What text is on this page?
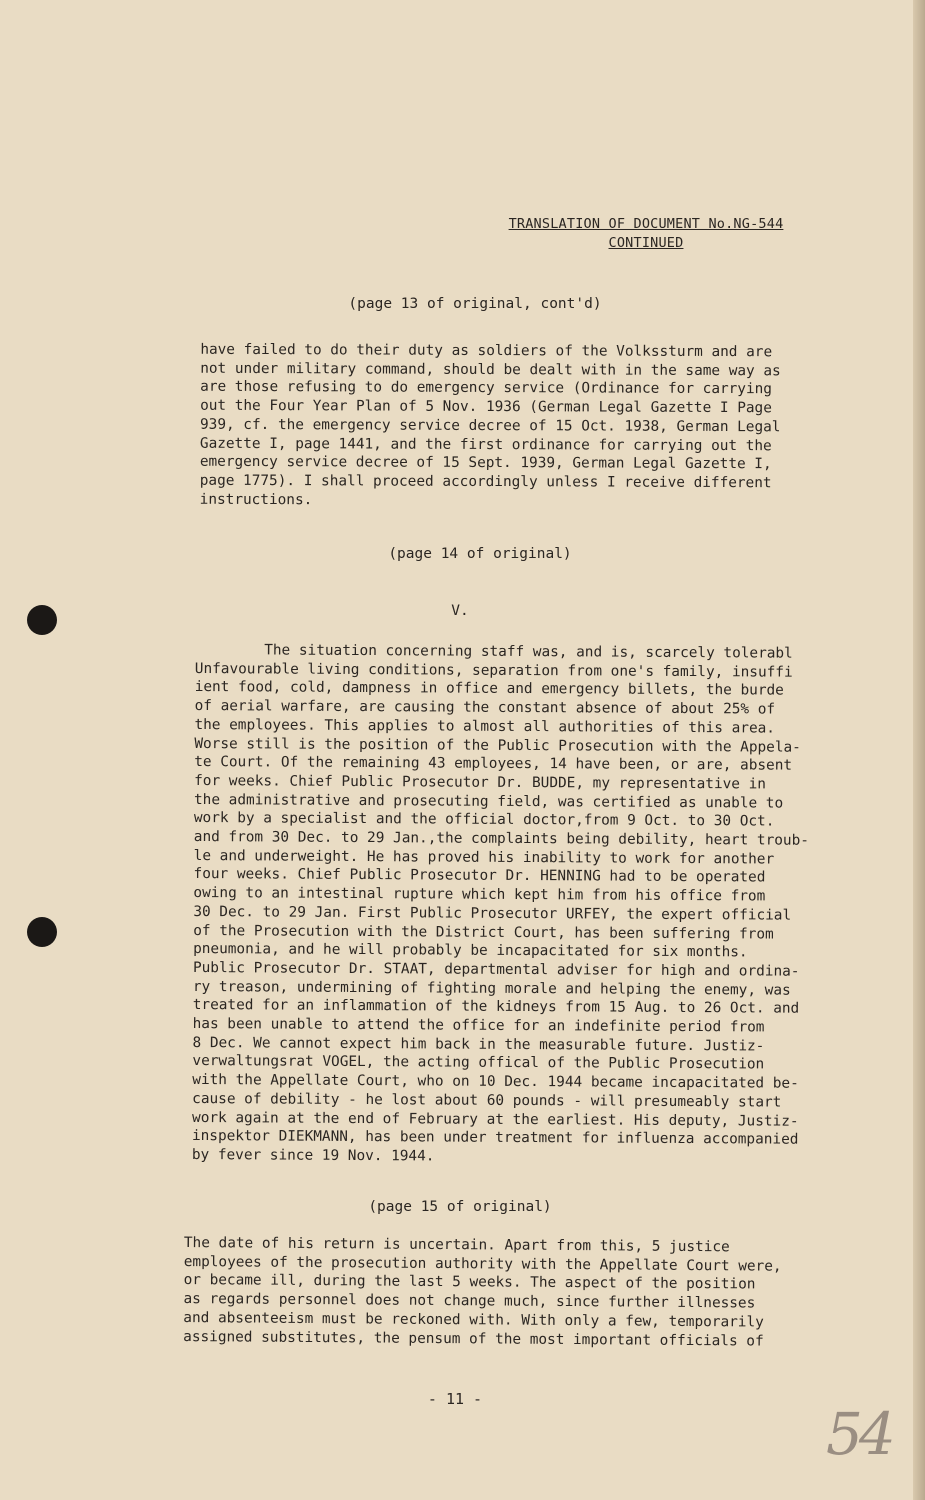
TRANSLATION OF DOCUMENT No.NG-544
CONTINUED
(page 13 of original, cont'd)
have failed to do their duty as soldiers of the Volkssturm and are
not under military command, should be dealt with in the same way as
are those refusing to do emergency service (Ordinance for carrying
out the Four Year Plan of 5 Nov. 1936 (German Legal Gazette I Page
939, cf. the emergency service decree of 15 Oct. 1938, German Legal
Gazette I, page 1441, and the first ordinance for carrying out the
emergency service decree of 15 Sept. 1939, German Legal Gazette I,
page 1775). I shall proceed accordingly unless I receive different
instructions.
(page 14 of original)
V.
The situation concerning staff was, and is, scarcely tolerabl
Unfavourable living conditions, separation from one's family, insuffi
ient food, cold, dampness in office and emergency billets, the burde
of aerial warfare, are causing the constant absence of about 25% of
the employees. This applies to almost all authorities of this area.
Worse still is the position of the Public Prosecution with the Appela-
te Court. Of the remaining 43 employees, 14 have been, or are, absent
for weeks. Chief Public Prosecutor Dr. BUDDE, my representative in
the administrative and prosecuting field, was certified as unable to
work by a specialist and the official doctor,from 9 Oct. to 30 Oct.
and from 30 Dec. to 29 Jan.,the complaints being debility, heart troub-
le and underweight. He has proved his inability to work for another
four weeks. Chief Public Prosecutor Dr. HENNING had to be operated
owing to an intestinal rupture which kept him from his office from
30 Dec. to 29 Jan. First Public Prosecutor URFEY, the expert official
of the Prosecution with the District Court, has been suffering from
pneumonia, and he will probably be incapacitated for six months.
Public Prosecutor Dr. STAAT, departmental adviser for high and ordina-
ry treason, undermining of fighting morale and helping the enemy, was
treated for an inflammation of the kidneys from 15 Aug. to 26 Oct. and
has been unable to attend the office for an indefinite period from
8 Dec. We cannot expect him back in the measurable future. Justiz-
verwaltungsrat VOGEL, the acting offical of the Public Prosecution
with the Appellate Court, who on 10 Dec. 1944 became incapacitated be-
cause of debility - he lost about 60 pounds - will presumeably start
work again at the end of February at the earliest. His deputy, Justiz-
inspektor DIEKMANN, has been under treatment for influenza accompanied
by fever since 19 Nov. 1944.
(page 15 of original)
The date of his return is uncertain. Apart from this, 5 justice
employees of the prosecution authority with the Appellate Court were,
or became ill, during the last 5 weeks. The aspect of the position
as regards personnel does not change much, since further illnesses
and absenteeism must be reckoned with. With only a few, temporarily
assigned substitutes, the pensum of the most important officials of
- 11 -
54
